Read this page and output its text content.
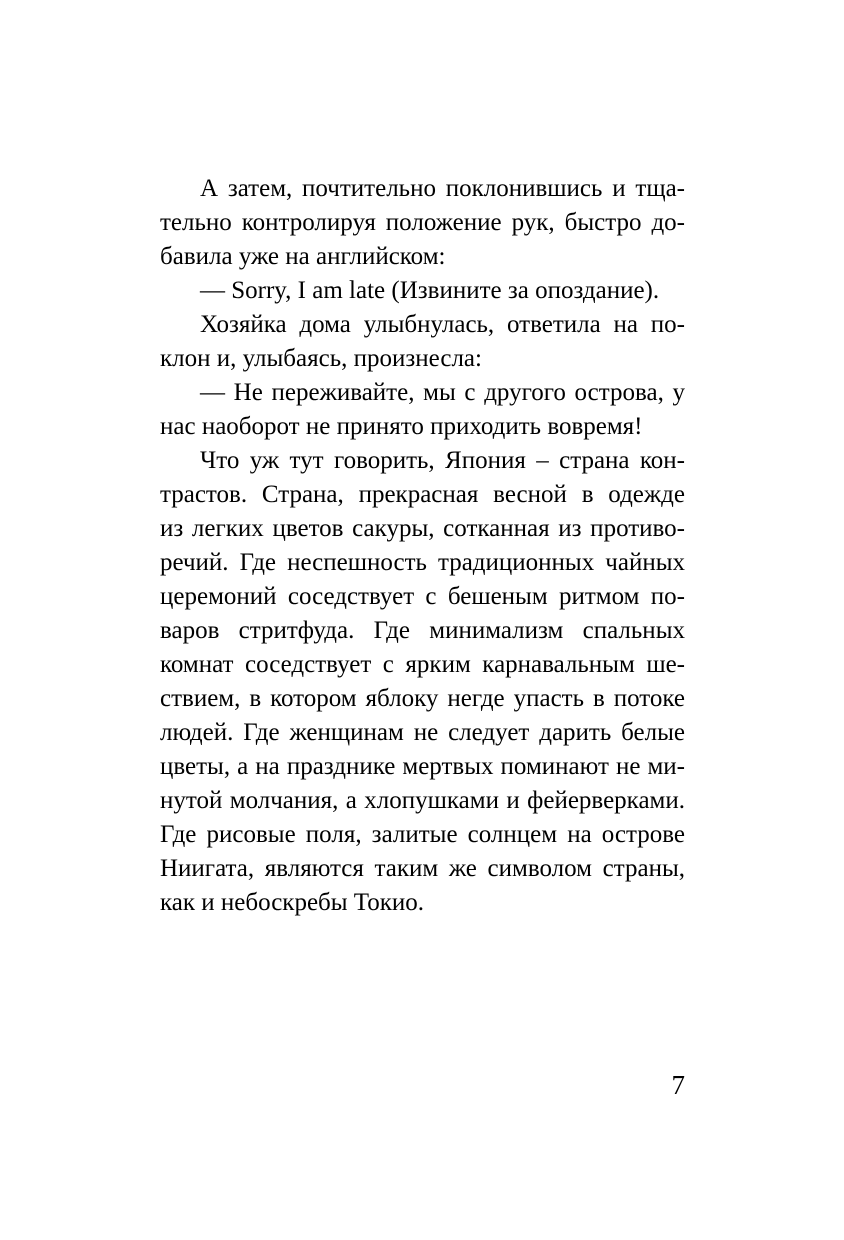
А затем, почтительно поклонившись и тща-

тельно контролируя положение рук, быстро до-

бавила уже на английском:

— Sorry, I am late (Извините за опоздание).

Хозяйка дома улыбнулась, ответила на по-

клон и, улыбаясь, произнесла:

— Не переживайте, мы с другого острова, у

нас наоборот не принято приходить вовремя!

Что уж тут говорить, Япония – страна кон-

трастов. Страна, прекрасная весной в одежде

из легких цветов сакуры, сотканная из противо-

речий. Где неспешность традиционных чайных

церемоний соседствует с бешеным ритмом по-

варов стритфуда. Где минимализм спальных

комнат соседствует с ярким карнавальным ше-

ствием, в котором яблоку негде упасть в потоке

людей. Где женщинам не следует дарить белые

цветы, а на празднике мертвых поминают не ми-

нутой молчания, а хлопушками и фейерверками.

Где рисовые поля, залитые солнцем на острове

Ниигата, являются таким же символом страны,

как и небоскребы Токио.

7
